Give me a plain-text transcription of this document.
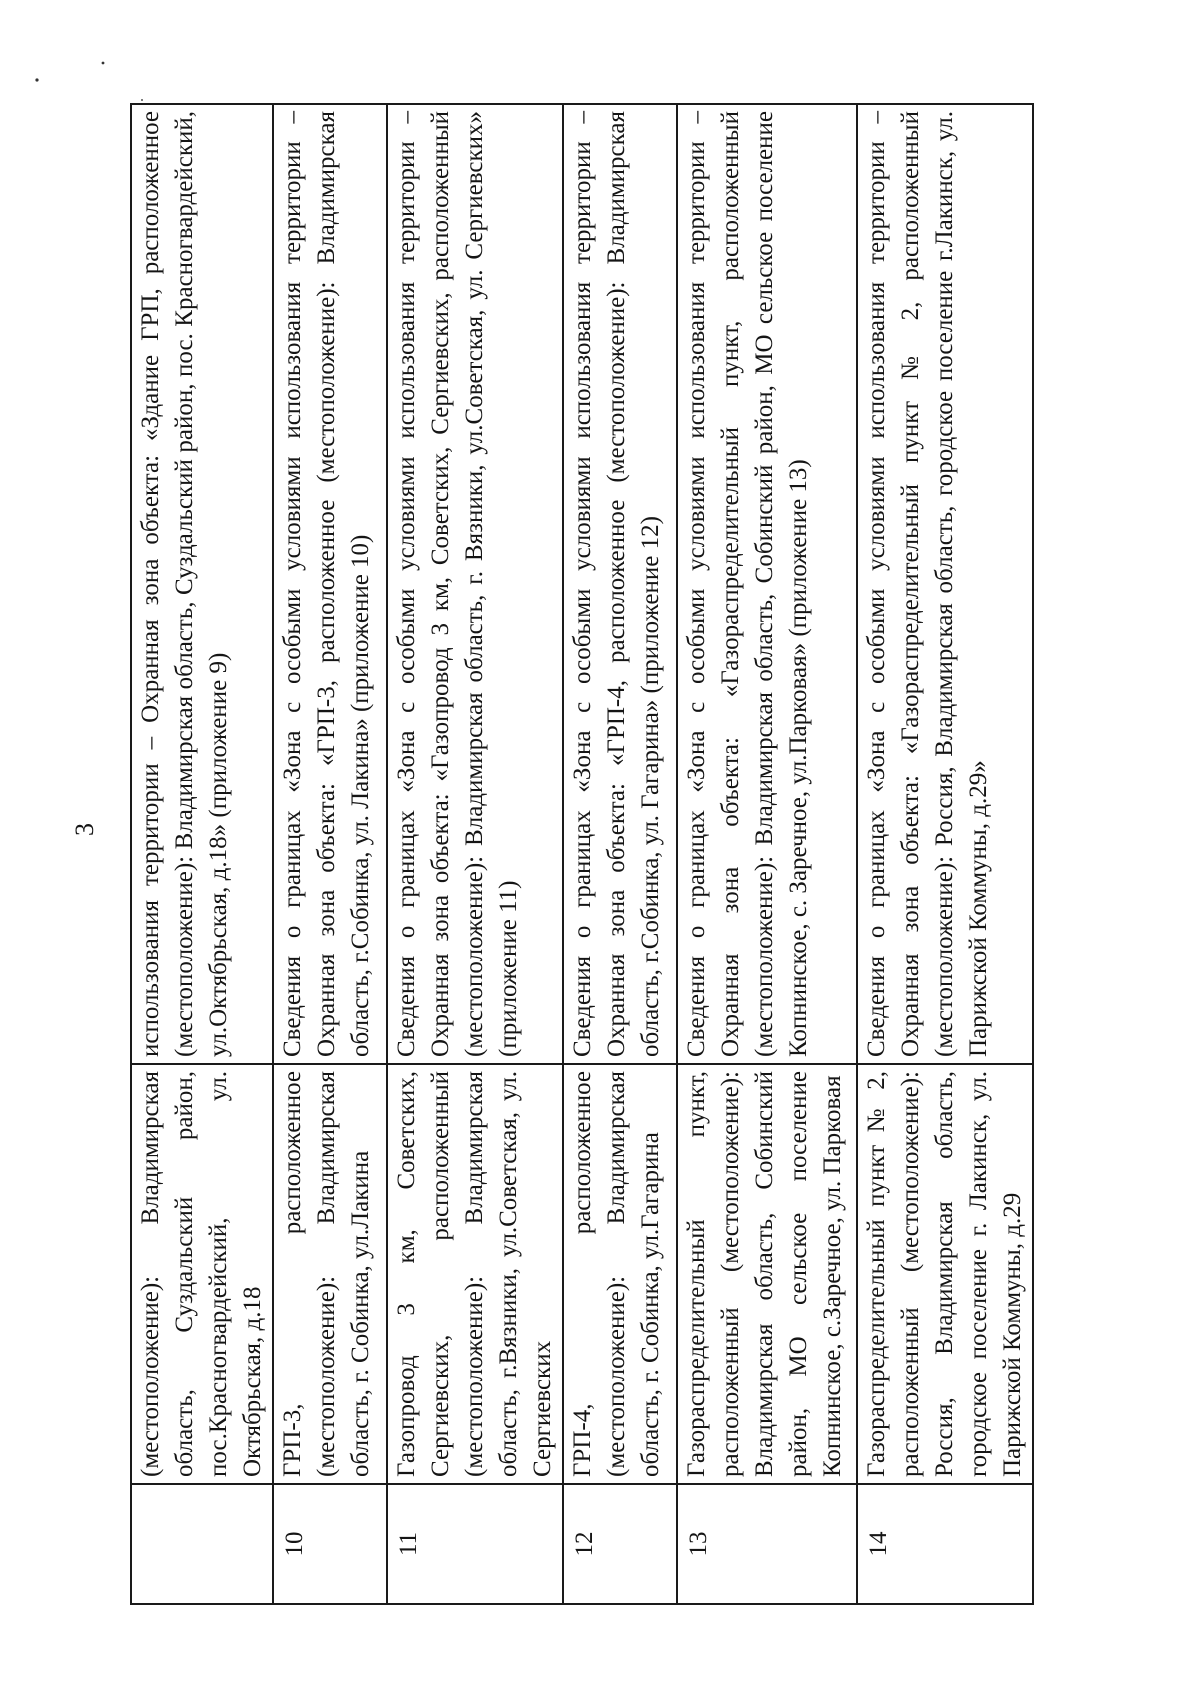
3
	(местоположение): Владимирская область, Суздальский район, пос.Красногвардейский, ул. Октябрьская, д.18	использования территории – Охранная зона объекта: «Здание ГРП, расположенное (местоположение): Владимирская область, Суздальский район, пос. Красногвардейский, ул.Октябрьская, д.18» (приложение 9)
10	ГРП-3, расположенное (местоположение): Владимирская область, г. Собинка, ул.Лакина	Сведения о границах «Зона с особыми условиями использования территории – Охранная зона объекта: «ГРП-3, расположенное (местоположение): Владимирская область, г.Собинка, ул. Лакина» (приложение 10)
11	Газопровод 3 км, Советских, Сергиевских, расположенный (местоположение): Владимирская область, г.Вязники, ул.Советская, ул. Сергиевских	Сведения о границах «Зона с особыми условиями использования территории – Охранная зона объекта: «Газопровод 3 км, Советских, Сергиевских, расположенный (местоположение): Владимирская область, г. Вязники, ул.Советская, ул. Сергиевских» (приложение 11)
12	ГРП-4, расположенное (местоположение): Владимирская область, г. Собинка, ул.Гагарина	Сведения о границах «Зона с особыми условиями использования территории – Охранная зона объекта: «ГРП-4, расположенное (местоположение): Владимирская область, г.Собинка, ул. Гагарина» (приложение 12)
13	Газораспределительный пункт, расположенный (местоположение): Владимирская область, Собинский район, МО сельское поселение Копнинское, с.Заречное, ул. Парковая	Сведения о границах «Зона с особыми условиями использования территории – Охранная зона объекта: «Газораспределительный пункт, расположенный (местоположение): Владимирская область, Собинский район, МО сельское поселение Копнинское, с. Заречное, ул.Парковая» (приложение 13)
14	Газораспределительный пункт № 2, расположенный (местоположение): Россия, Владимирская область, городское поселение г. Лакинск, ул. Парижской Коммуны, д.29	Сведения о границах «Зона с особыми условиями использования территории – Охранная зона объекта: «Газораспределительный пункт № 2, расположенный (местоположение): Россия, Владимирская область, городское поселение г.Лакинск, ул. Парижской Коммуны, д.29»
